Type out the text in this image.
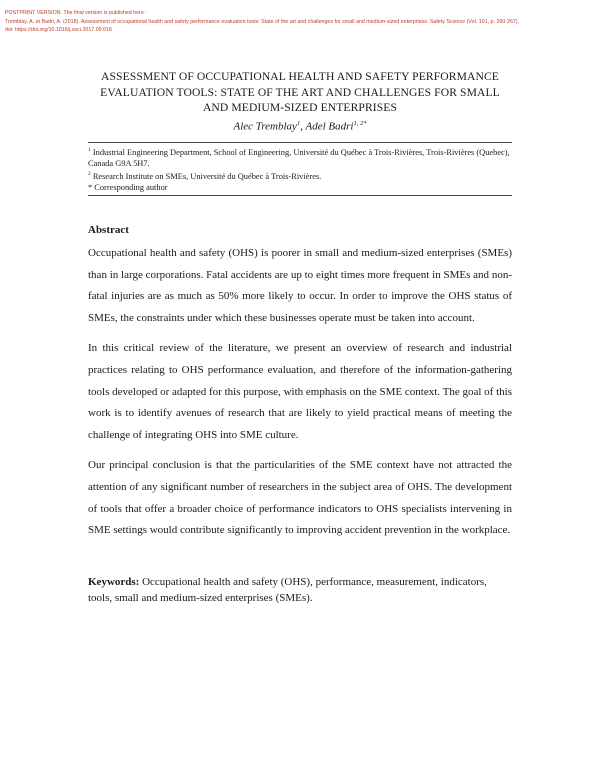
POSTPRINT VERSION. The final version is published here :
Tremblay, A. et Badri, A. (2018). Assessment of occupational health and safety performance evaluation tools: State of the art and challenges for small and medium-sized enterprises. Safety Science (Vol. 101, p. 260-267).
doi: https://doi.org/10.1016/j.ssci.2017.09.016
ASSESSMENT OF OCCUPATIONAL HEALTH AND SAFETY PERFORMANCE
EVALUATION TOOLS: STATE OF THE ART AND CHALLENGES FOR SMALL
AND MEDIUM-SIZED ENTERPRISES
Alec Tremblay$^1$, Adel Badri$^{1, 2*}$
$^1$ Industrial Engineering Department, School of Engineering, Université du Québec à Trois-Rivières, Trois-Rivières (Quebec), Canada G9A 5H7.
$^2$ Research Institute on SMEs, Université du Québec à Trois-Rivières.
* Corresponding author
Abstract

Occupational health and safety (OHS) is poorer in small and medium-sized enterprises (SMEs) than in large corporations. Fatal accidents are up to eight times more frequent in SMEs and non-fatal injuries are as much as 50% more likely to occur. In order to improve the OHS status of SMEs, the constraints under which these businesses operate must be taken into account.

In this critical review of the literature, we present an overview of research and industrial practices relating to OHS performance evaluation, and therefore of the information-gathering tools developed or adapted for this purpose, with emphasis on the SME context. The goal of this work is to identify avenues of research that are likely to yield practical means of meeting the challenge of integrating OHS into SME culture.

Our principal conclusion is that the particularities of the SME context have not attracted the attention of any significant number of researchers in the subject area of OHS. The development of tools that offer a broader choice of performance indicators to OHS specialists intervening in SME settings would contribute significantly to improving accident prevention in the workplace.

Keywords: Occupational health and safety (OHS), performance, measurement, indicators, tools, small and medium-sized enterprises (SMEs).
